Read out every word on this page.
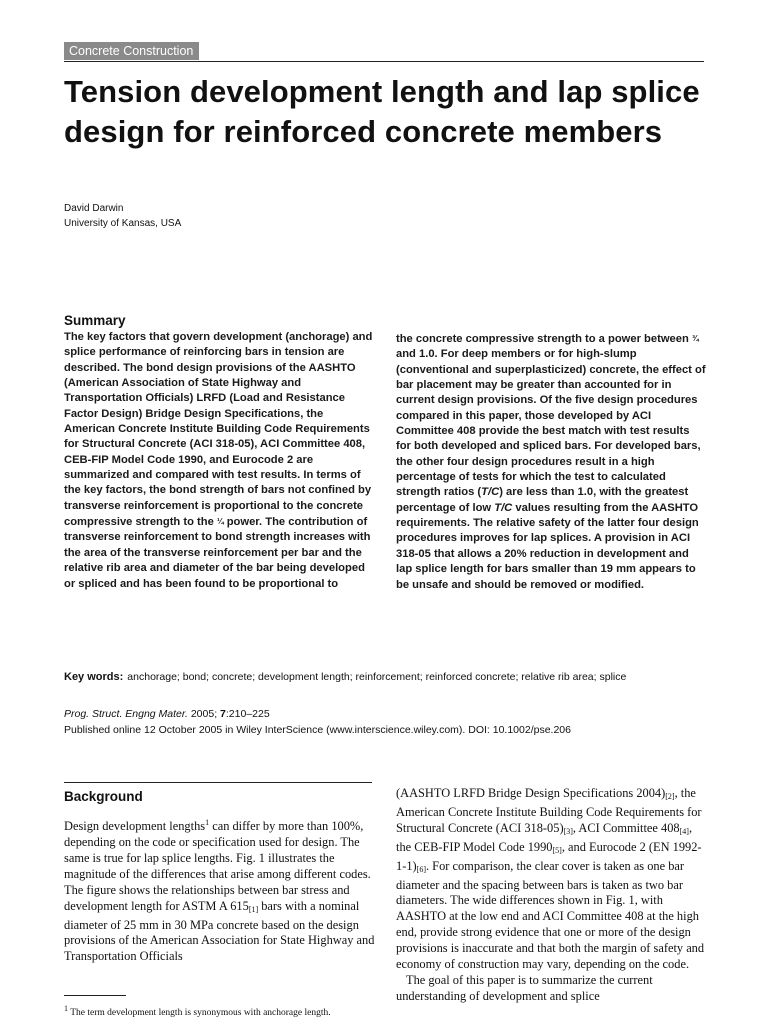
Concrete Construction
Tension development length and lap splice design for reinforced concrete members
David Darwin
University of Kansas, USA
Summary

The key factors that govern development (anchorage) and splice performance of reinforcing bars in tension are described. The bond design provisions of the AASHTO (American Association of State Highway and Transportation Officials) LRFD (Load and Resistance Factor Design) Bridge Design Specifications, the American Concrete Institute Building Code Requirements for Structural Concrete (ACI 318-05), ACI Committee 408, CEB-FIP Model Code 1990, and Eurocode 2 are summarized and compared with test results. In terms of the key factors, the bond strength of bars not confined by transverse reinforcement is proportional to the concrete compressive strength to the ¼ power. The contribution of transverse reinforcement to bond strength increases with the area of the transverse reinforcement per bar and the relative rib area and diameter of the bar being developed or spliced and has been found to be proportional to

the concrete compressive strength to a power between ¾ and 1.0. For deep members or for high-slump (conventional and superplasticized) concrete, the effect of bar placement may be greater than accounted for in current design provisions. Of the five design procedures compared in this paper, those developed by ACI Committee 408 provide the best match with test results for both developed and spliced bars. For developed bars, the other four design procedures result in a high percentage of tests for which the test to calculated strength ratios (T/C) are less than 1.0, with the greatest percentage of low T/C values resulting from the AASHTO requirements. The relative safety of the latter four design procedures improves for lap splices. A provision in ACI 318-05 that allows a 20% reduction in development and lap splice length for bars smaller than 19 mm appears to be unsafe and should be removed or modified.

Key words: anchorage; bond; concrete; development length; reinforcement; reinforced concrete; relative rib area; splice
Prog. Struct. Engng Mater. 2005; 7:210–225
Published online 12 October 2005 in Wiley InterScience (www.interscience.wiley.com). DOI: 10.1002/pse.206
Background

Design development lengths$^1$ can differ by more than 100%, depending on the code or specification used for design. The same is true for lap splice lengths. Fig. 1 illustrates the magnitude of the differences that arise among different codes. The figure shows the relationships between bar stress and development length for ASTM A $615_{[1]}$ bars with a nominal diameter of 25 mm in 30 MPa concrete based on the design provisions of the American Association for State Highway and Transportation Officials

(AASHTO LRFD Bridge Design Specifications $2004)_{[2]}$, the American Concrete Institute Building Code Requirements for Structural Concrete (ACI $318-05)_{[3]}$, ACI Committee $408_{[4]}$, the CEB-FIP Model Code $1990_{[5]}$, and Eurocode 2 (EN $1992-1-1)_{[6]}$. For comparison, the clear cover is taken as one bar diameter and the spacing between bars is taken as two bar diameters. The wide differences shown in Fig. 1, with AASHTO at the low end and ACI Committee 408 at the high end, provide strong evidence that one or more of the design provisions is inaccurate and that both the margin of safety and economy of construction may vary, depending on the code.

The goal of this paper is to summarize the current understanding of development and splice

$^1$ The term development length is synonymous with anchorage length.
